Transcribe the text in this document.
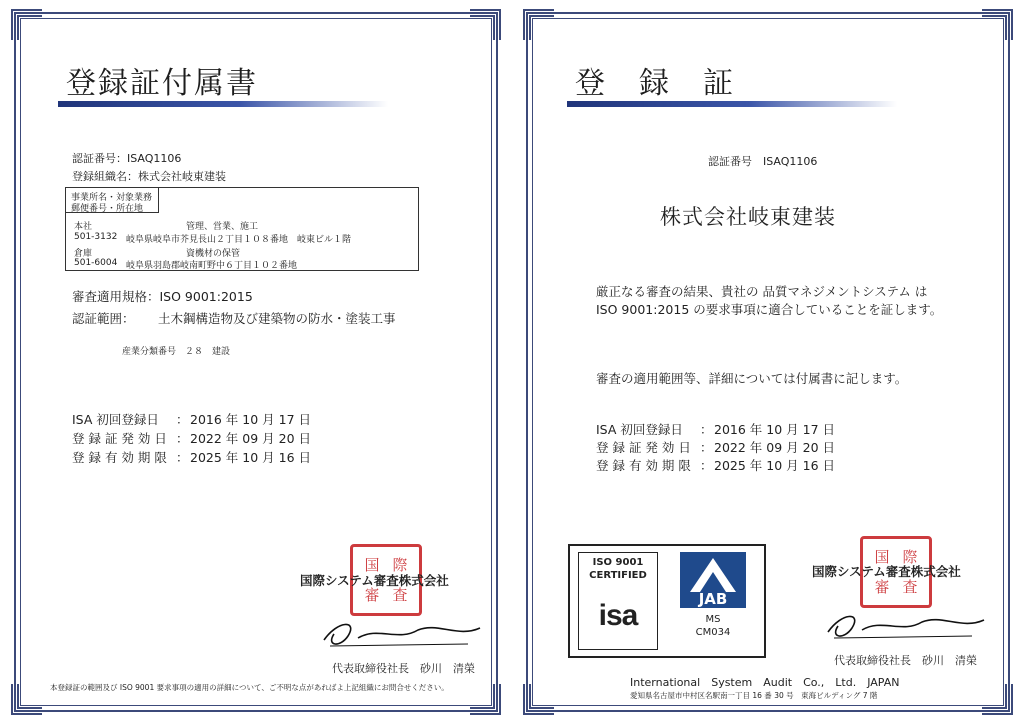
登録証付属書
認証番号：ISAQ1106
登録組織名：株式会社岐東建装
事業所名・対象業務
郵便番号・所在地
本社	管理、営業、施工
501-3132 岐阜県岐阜市芥見長山２丁目１０８番地　岐東ビル１階
倉庫	資機材の保管
501-6004 岐阜県羽島郡岐南町野中６丁目１０２番地
審査適用規格：ISO 9001:2015
認証範囲： 土木鋼構造物及び建築物の防水・塗装工事
産業分類番号　２８　建設
ISA 初回登録日 ： 2016 年 10 月 17 日
登 録 証 発 効 日 ： 2022 年 09 月 20 日
登 録 有 効 期 限 ： 2025 年 10 月 16 日
国 際
審 査
国際システム審査株式会社
代表取締役社長　砂川　清榮
本登録証の範囲及び ISO 9001 要求事項の適用の詳細について、ご不明な点があればよ上記組織にお問合せください。
登　録　証
認証番号　ISAQ1106
株式会社岐東建装
厳正なる審査の結果、貴社の 品質マネジメントシステム は
ISO 9001:2015 の要求事項に適合していることを証します。
審査の適用範囲等、詳細については付属書に記します。
ISA 初回登録日 ： 2016 年 10 月 17 日
登 録 証 発 効 日 ： 2022 年 09 月 20 日
登 録 有 効 期 限 ： 2025 年 10 月 16 日
ISO 9001
CERTIFIED
isa	JAB
MS
CM034
国 際
審 査
国際システム審査株式会社
代表取締役社長　砂川　清榮
International　System　Audit　Co.,　Ltd.　JAPAN
愛知県名古屋市中村区名駅南一丁目 16 番 30 号　東海ビルディング 7 階
